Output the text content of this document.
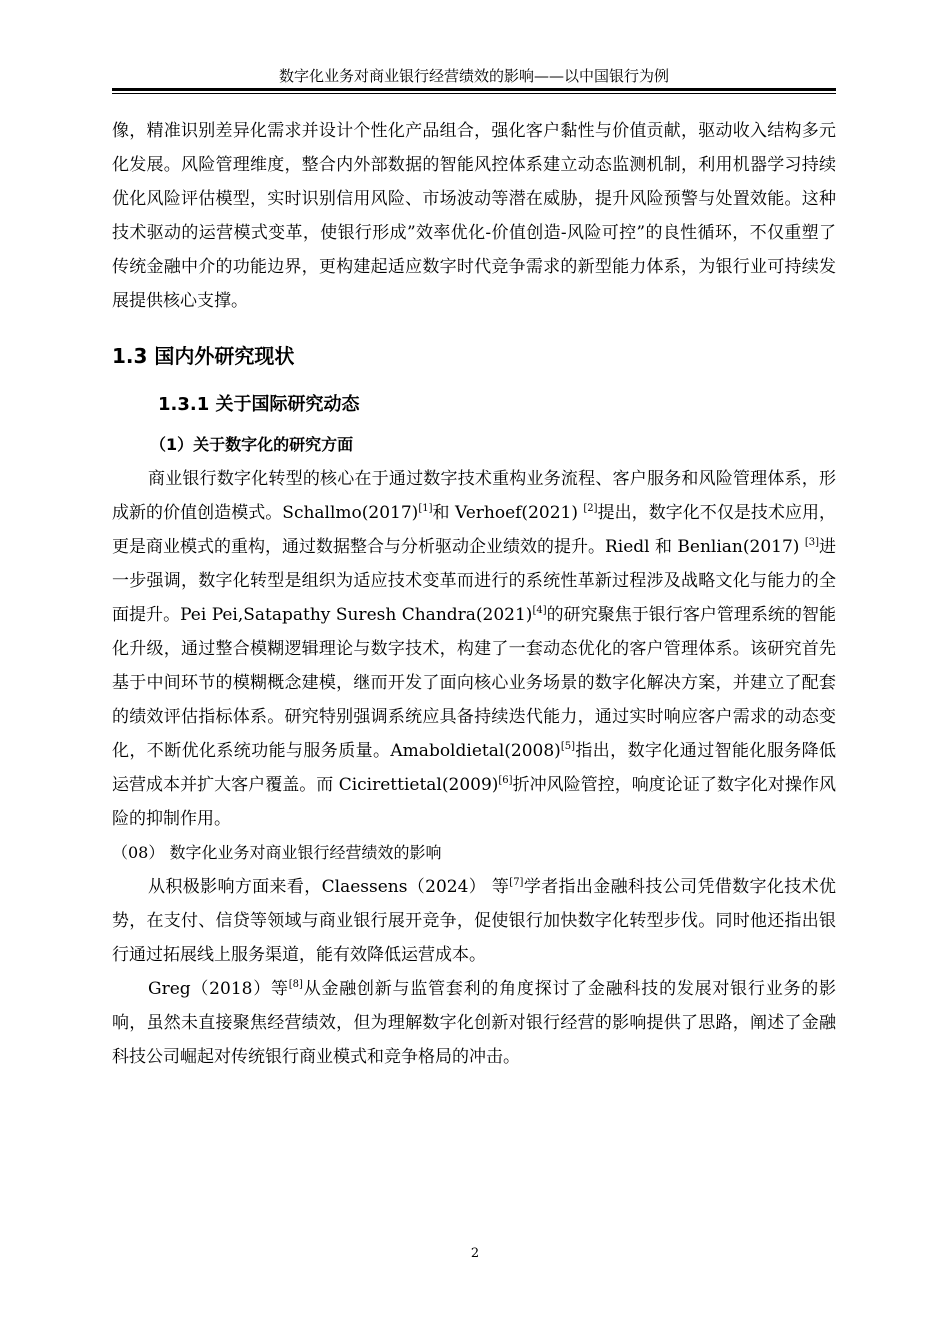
数字化业务对商业银行经营绩效的影响——以中国银行为例

像，精准识别差异化需求并设计个性化产品组合，强化客户黏性与价值贡献，驱动收入结构多元化发展。风险管理维度，整合内外部数据的智能风控体系建立动态监测机制，利用机器学习持续优化风险评估模型，实时识别信用风险、市场波动等潜在威胁，提升风险预警与处置效能。这种技术驱动的运营模式变革，使银行形成”效率优化-价值创造-风险可控”的良性循环，不仅重塑了传统金融中介的功能边界，更构建起适应数字时代竞争需求的新型能力体系，为银行业可持续发展提供核心支撑。

1.3 国内外研究现状
1.3.1 关于国际研究动态
（1）关于数字化的研究方面

商业银行数字化转型的核心在于通过数字技术重构业务流程、客户服务和风险管理体系，形成新的价值创造模式。Schallmo(2017)[1]和 Verhoef(2021) [2]提出，数字化不仅是技术应用，更是商业模式的重构，通过数据整合与分析驱动企业绩效的提升。Riedl 和 Benlian(2017) [3]进一步强调，数字化转型是组织为适应技术变革而进行的系统性革新过程涉及战略文化与能力的全面提升。Pei Pei,Satapathy Suresh Chandra(2021)[4]的研究聚焦于银行客户管理系统的智能化升级，通过整合模糊逻辑理论与数字技术，构建了一套动态优化的客户管理体系。该研究首先基于中间环节的模糊概念建模，继而开发了面向核心业务场景的数字化解决方案，并建立了配套的绩效评估指标体系。研究特别强调系统应具备持续迭代能力，通过实时响应客户需求的动态变化，不断优化系统功能与服务质量。Amaboldietal(2008)[5]指出，数字化通过智能化服务降低运营成本并扩大客户覆盖。而 Cicirettietal(2009)[6]折冲风险管控，响度论证了数字化对操作风险的抑制作用。

（08） 数字化业务对商业银行经营绩效的影响

从积极影响方面来看，Claessens（2024） 等[7]学者指出金融科技公司凭借数字化技术优势，在支付、信贷等领域与商业银行展开竞争，促使银行加快数字化转型步伐。同时他还指出银行通过拓展线上服务渠道，能有效降低运营成本。

Greg（2018）等[8]从金融创新与监管套利的角度探讨了金融科技的发展对银行业务的影响，虽然未直接聚焦经营绩效，但为理解数字化创新对银行经营的影响提供了思路，阐述了金融科技公司崛起对传统银行商业模式和竞争格局的冲击。

2
